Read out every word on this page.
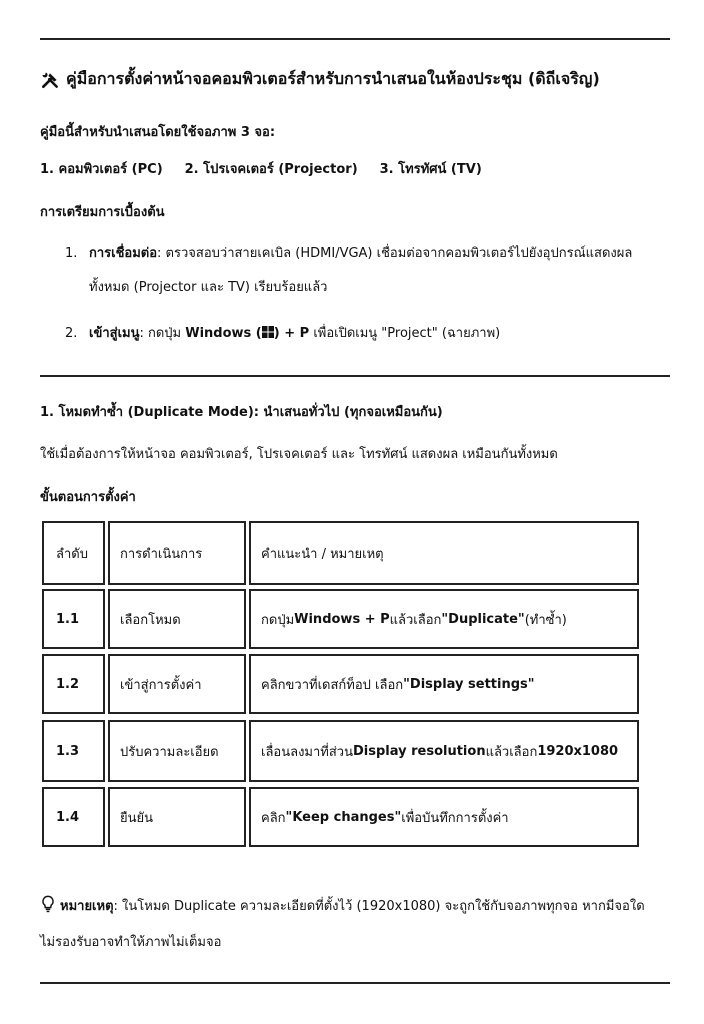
คู่มือการตั้งค่าหน้าจอคอมพิวเตอร์สำหรับการนำเสนอในห้องประชุม (ดิถีเจริญ)
คู่มือนี้สำหรับนำเสนอโดยใช้จอภาพ 3 จอ:
1. คอมพิวเตอร์ (PC) 2. โปรเจคเตอร์ (Projector) 3. โทรทัศน์ (TV)
การเตรียมการเบื้องต้น
1. การเชื่อมต่อ: ตรวจสอบว่าสายเคเบิล (HDMI/VGA) เชื่อมต่อจากคอมพิวเตอร์ไปยังอุปกรณ์แสดงผล
ทั้งหมด (Projector และ TV) เรียบร้อยแล้ว
2. เข้าสู่เมนู: กดปุ่ม Windows ( ) + P เพื่อเปิดเมนู "Project" (ฉายภาพ)
1. โหมดทำซ้ำ (Duplicate Mode): นำเสนอทั่วไป (ทุกจอเหมือนกัน)
ใช้เมื่อต้องการให้หน้าจอ คอมพิวเตอร์, โปรเจคเตอร์ และ โทรทัศน์ แสดงผล เหมือนกันทั้งหมด
ขั้นตอนการตั้งค่า
ลำดับ	การดำเนินการ	คำแนะนำ / หมายเหตุ
1.1	เลือกโหมด	กดปุ่ม Windows + P แล้วเลือก "Duplicate" (ทำซ้ำ)
1.2	เข้าสู่การตั้งค่า	คลิกขวาที่เดสก์ท็อป เลือก "Display settings"
1.3	ปรับความละเอียด	เลื่อนลงมาที่ส่วน Display resolution แล้วเลือก 1920x1080
1.4	ยืนยัน	คลิก "Keep changes" เพื่อบันทึกการตั้งค่า
หมายเหตุ: ในโหมด Duplicate ความละเอียดที่ตั้งไว้ (1920x1080) จะถูกใช้กับจอภาพทุกจอ หากมีจอใด
ไม่รองรับอาจทำให้ภาพไม่เต็มจอ
